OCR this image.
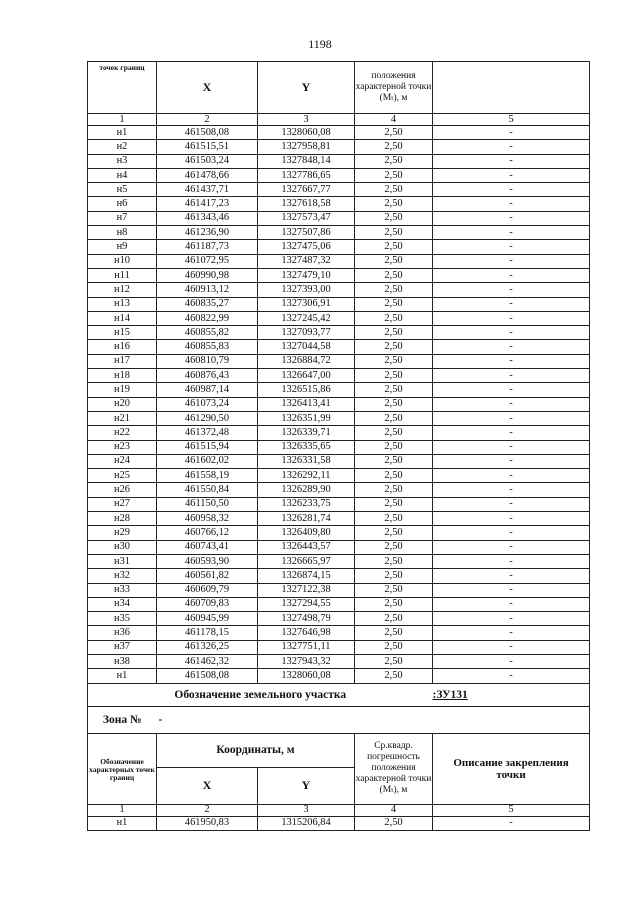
1198
точек границ	X	Y	положения характерной точки (Mₜ), м	
1	2	3	4	5
н1	461508,08	1328060,08	2,50	-
н2	461515,51	1327958,81	2,50	-
н3	461503,24	1327848,14	2,50	-
н4	461478,66	1327786,65	2,50	-
н5	461437,71	1327667,77	2,50	-
н6	461417,23	1327618,58	2,50	-
н7	461343,46	1327573,47	2,50	-
н8	461236,90	1327507,86	2,50	-
н9	461187,73	1327475,06	2,50	-
н10	461072,95	1327487,32	2,50	-
н11	460990,98	1327479,10	2,50	-
н12	460913,12	1327393,00	2,50	-
н13	460835,27	1327306,91	2,50	-
н14	460822,99	1327245,42	2,50	-
н15	460855,82	1327093,77	2,50	-
н16	460855,83	1327044,58	2,50	-
н17	460810,79	1326884,72	2,50	-
н18	460876,43	1326647,00	2,50	-
н19	460987,14	1326515,86	2,50	-
н20	461073,24	1326413,41	2,50	-
н21	461290,50	1326351,99	2,50	-
н22	461372,48	1326339,71	2,50	-
н23	461515,94	1326335,65	2,50	-
н24	461602,02	1326331,58	2,50	-
н25	461558,19	1326292,11	2,50	-
н26	461550,84	1326289,90	2,50	-
н27	461150,50	1326233,75	2,50	-
н28	460958,32	1326281,74	2,50	-
н29	460766,12	1326409,80	2,50	-
н30	460743,41	1326443,57	2,50	-
н31	460593,90	1326665,97	2,50	-
н32	460561,82	1326874,15	2,50	-
н33	460609,79	1327122,38	2,50	-
н34	460709,83	1327294,55	2,50	-
н35	460945,99	1327498,79	2,50	-
н36	461178,15	1327646,98	2,50	-
н37	461326,25	1327751,11	2,50	-
н38	461462,32	1327943,32	2,50	-
н1	461508,08	1328060,08	2,50	-
Обозначение земельного участка				:ЗУ131
Зона №	-			
Обозначение характерных точек границ	Координаты, м		Ср.квадр. погрешность положения характерной точки (Mₜ), м	Описание закрепления точки
	X	Y		
1	2	3	4	5
н1	461950,83	1315206,84	2,50	-
